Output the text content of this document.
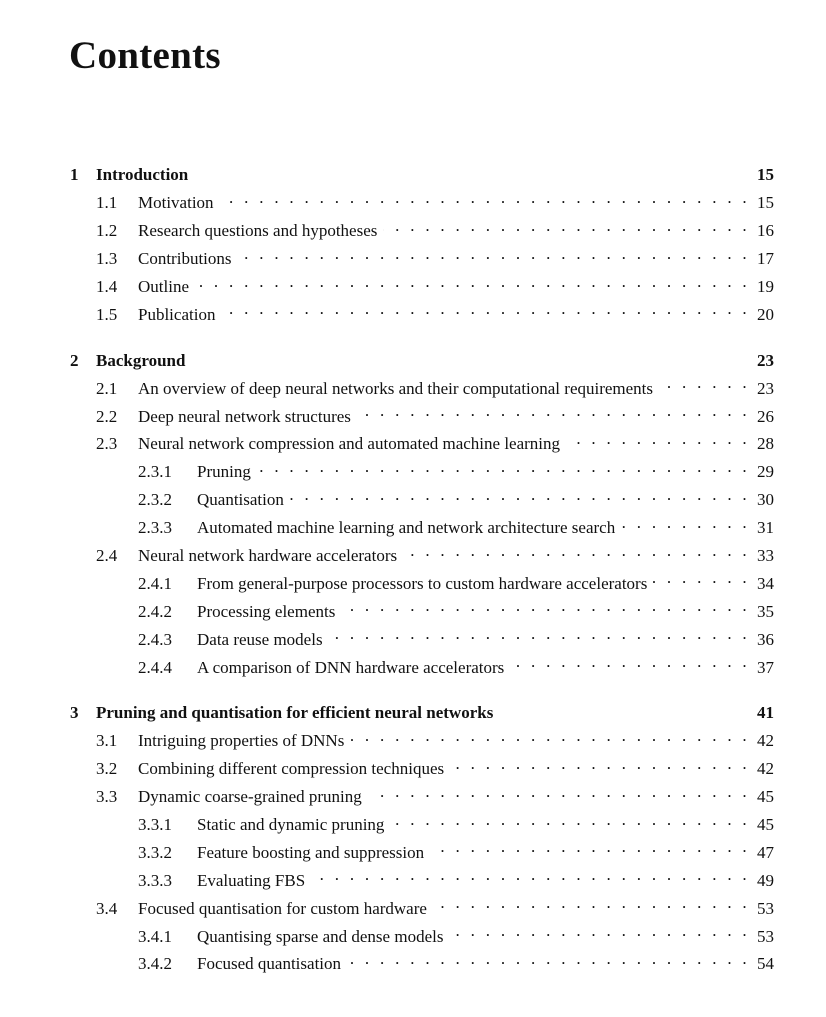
Contents
1	Introduction	15
1.1	Motivation . . .	15
1.2	Research questions and hypotheses . . .	16
1.3	Contributions . . .	17
1.4	Outline . . .	19
1.5	Publication . . .	20
2	Background	23
2.1	An overview of deep neural networks and their computational requirements . . .	23
2.2	Deep neural network structures . . .	26
2.3	Neural network compression and automated machine learning . . .	28
2.3.1	Pruning . . .	29
2.3.2	Quantisation . . .	30
2.3.3	Automated machine learning and network architecture search . . .	31
2.4	Neural network hardware accelerators . . .	33
2.4.1	From general-purpose processors to custom hardware accelerators . . .	34
2.4.2	Processing elements . . .	35
2.4.3	Data reuse models . . .	36
2.4.4	A comparison of DNN hardware accelerators . . .	37
3	Pruning and quantisation for efficient neural networks	41
3.1	Intriguing properties of DNNs . . .	42
3.2	Combining different compression techniques . . .	42
3.3	Dynamic coarse-grained pruning . . .	45
3.3.1	Static and dynamic pruning . . .	45
3.3.2	Feature boosting and suppression . . .	47
3.3.3	Evaluating FBS . . .	49
3.4	Focused quantisation for custom hardware . . .	53
3.4.1	Quantising sparse and dense models . . .	53
3.4.2	Focused quantisation . . .	54
